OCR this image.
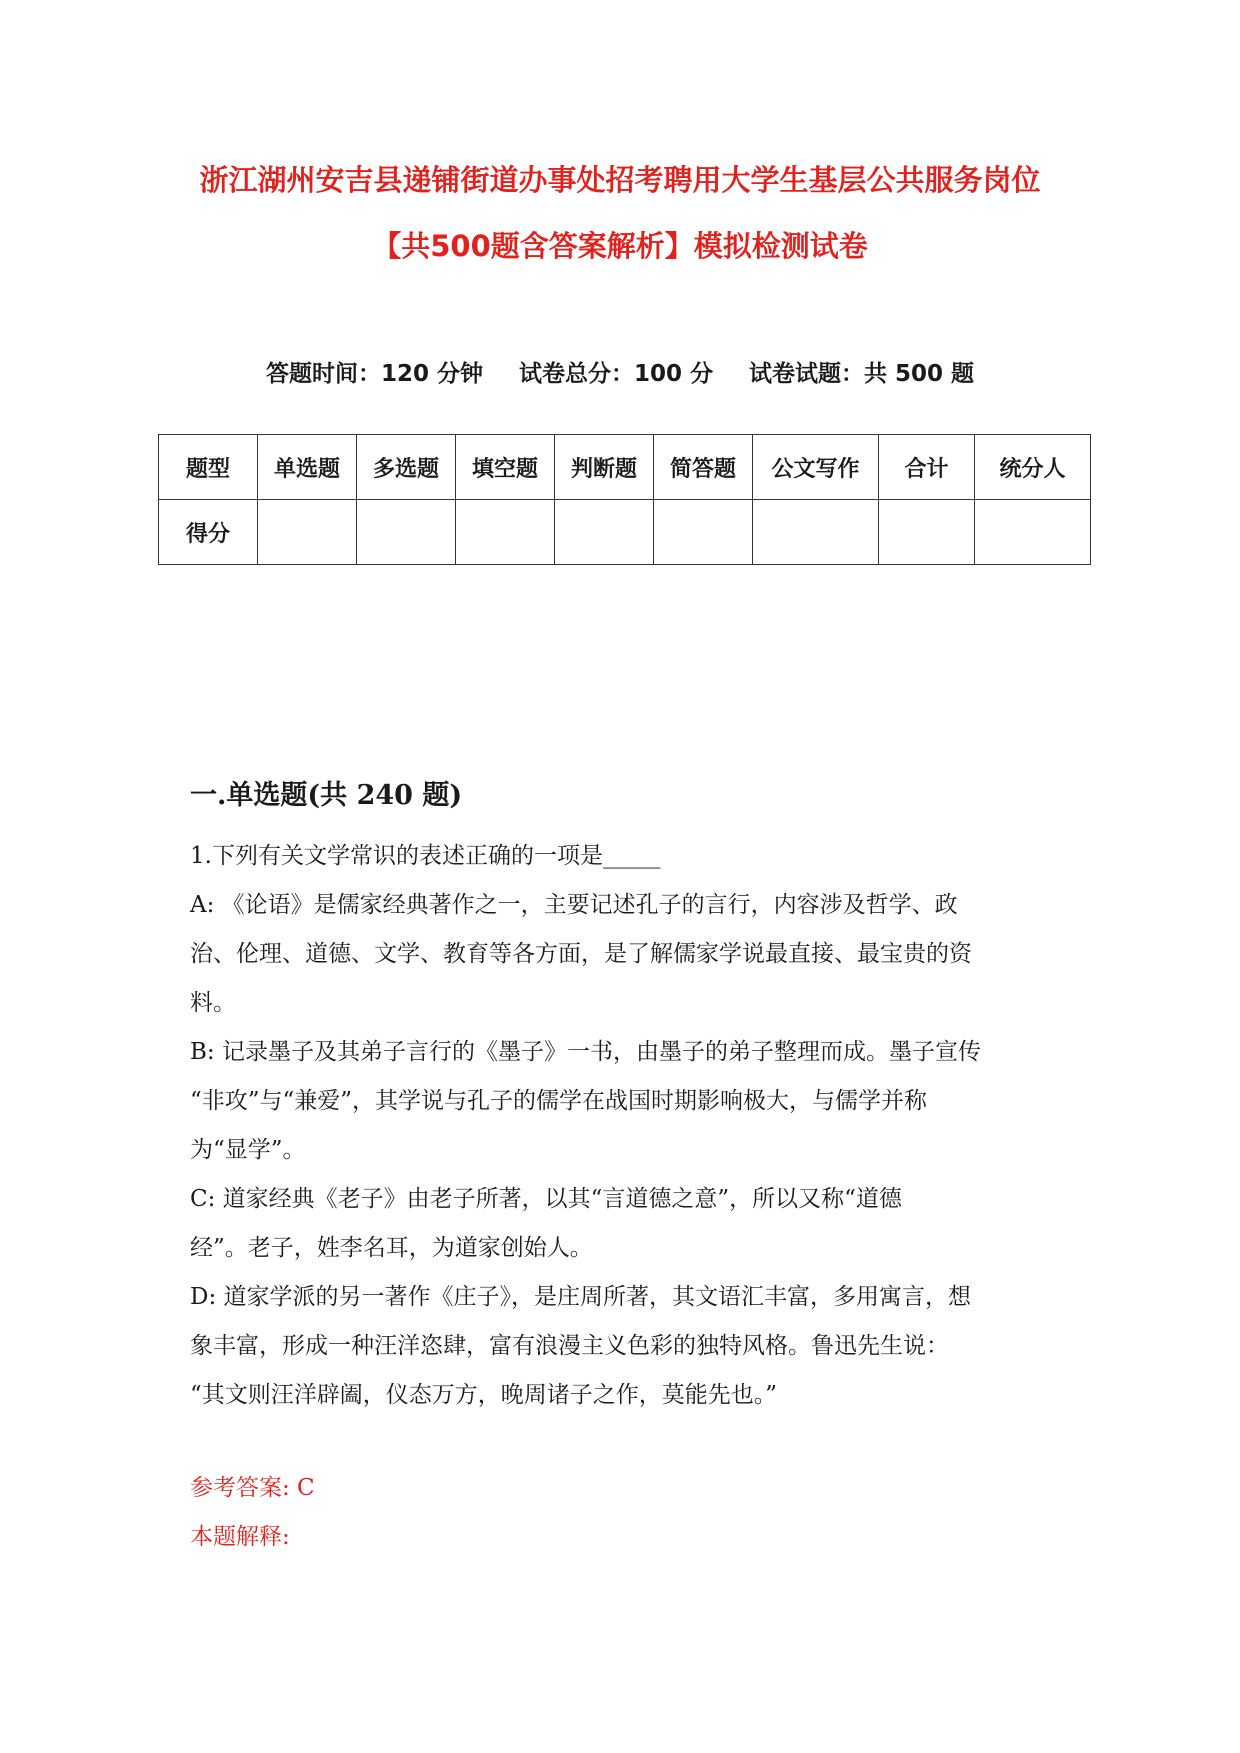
浙江湖州安吉县递铺街道办事处招考聘用大学生基层公共服务岗位
【共500题含答案解析】模拟检测试卷
答题时间：120 分钟 试卷总分：100 分 试卷试题：共 500 题
题型	单选题	多选题	填空题	判断题	简答题	公文写作	合计	统分人
得分								
一.单选题(共 240 题)

1.下列有关文学常识的表述正确的一项是_____

A: 《论语》是儒家经典著作之一，主要记述孔子的言行，内容涉及哲学、政

治、伦理、道德、文学、教育等各方面，是了解儒家学说最直接、最宝贵的资

料。

B: 记录墨子及其弟子言行的《墨子》一书，由墨子的弟子整理而成。墨子宣传

“非攻”与“兼爱”，其学说与孔子的儒学在战国时期影响极大，与儒学并称

为“显学”。

C: 道家经典《老子》由老子所著，以其“言道德之意”，所以又称“道德

经”。老子，姓李名耳，为道家创始人。

D: 道家学派的另一著作《庄子》，是庄周所著，其文语汇丰富，多用寓言，想

象丰富，形成一种汪洋恣肆，富有浪漫主义色彩的独特风格。鲁迅先生说：

“其文则汪洋辟阖，仪态万方，晚周诸子之作，莫能先也。”

参考答案: C

本题解释:
